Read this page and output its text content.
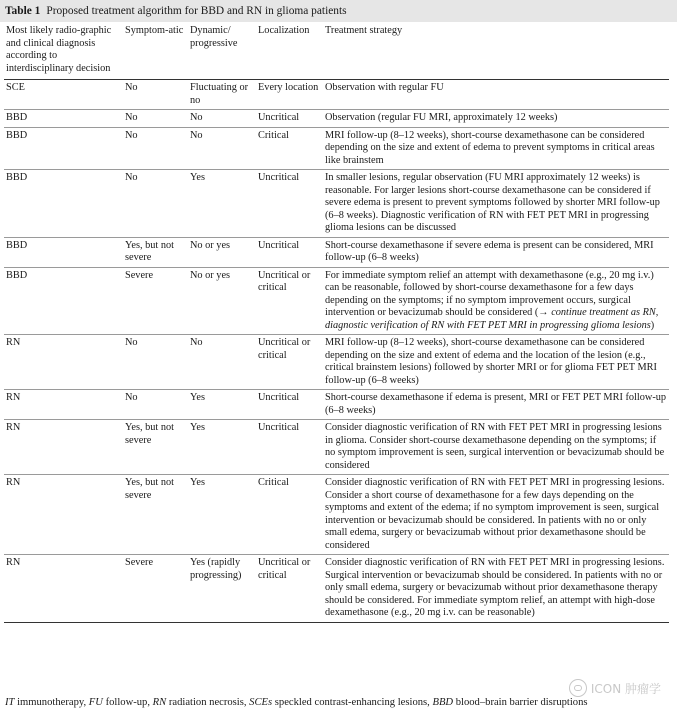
Table 1 Proposed treatment algorithm for BBD and RN in glioma patients
Most likely radio-graphic and clinical diagnosis according to interdisciplinary decision	Symptom-atic	Dynamic/ progressive	Localization	Treatment strategy
SCE	No	Fluctuating or no	Every location	Observation with regular FU
BBD	No	No	Uncritical	Observation (regular FU MRI, approximately 12 weeks)
BBD	No	No	Critical	MRI follow-up (8–12 weeks), short-course dexamethasone can be considered depending on the size and extent of edema to prevent symptoms in critical areas like brainstem
BBD	No	Yes	Uncritical	In smaller lesions, regular observation (FU MRI approximately 12 weeks) is reasonable. For larger lesions short-course dexamethasone can be considered if severe edema is present to prevent symptoms followed by shorter MRI follow-up (6–8 weeks). Diagnostic verification of RN with FET PET MRI in progressing glioma lesions can be discussed
BBD	Yes, but not severe	No or yes	Uncritical	Short-course dexamethasone if severe edema is present can be considered, MRI follow-up (6–8 weeks)
BBD	Severe	No or yes	Uncritical or critical	For immediate symptom relief an attempt with dexamethasone (e.g., 20 mg i.v.) can be reasonable, followed by short-course dexamethasone for a few days depending on the symptoms; if no symptom improvement occurs, surgical intervention or bevacizumab should be considered (→ continue treatment as RN, diagnostic verification of RN with FET PET MRI in progressing glioma lesions)
RN	No	No	Uncritical or critical	MRI follow-up (8–12 weeks), short-course dexamethasone can be considered depending on the size and extent of edema and the location of the lesion (e.g., critical brainstem lesions) followed by shorter MRI or for glioma FET PET MRI follow-up (6–8 weeks)
RN	No	Yes	Uncritical	Short-course dexamethasone if edema is present, MRI or FET PET MRI follow-up (6–8 weeks)
RN	Yes, but not severe	Yes	Uncritical	Consider diagnostic verification of RN with FET PET MRI in progressing lesions in glioma. Consider short-course dexamethasone depending on the symptoms; if no symptom improvement is seen, surgical intervention or bevacizumab should be considered
RN	Yes, but not severe	Yes	Critical	Consider diagnostic verification of RN with FET PET MRI in progressing lesions. Consider a short course of dexamethasone for a few days depending on the symptoms and extent of the edema; if no symptom improvement is seen, surgical intervention or bevacizumab should be considered. In patients with no or only small edema, surgery or bevacizumab without prior dexamethasone should be considered
RN	Severe	Yes (rapidly progressing)	Uncritical or critical	Consider diagnostic verification of RN with FET PET MRI in progressing lesions. Surgical intervention or bevacizumab should be considered. In patients with no or only small edema, surgery or bevacizumab without prior dexamethasone therapy should be considered. For immediate symptom relief, an attempt with high-dose dexamethasone (e.g., 20 mg i.v. can be reasonable)
IT immunotherapy, FU follow-up, RN radiation necrosis, SCEs speckled contrast-enhancing lesions, BBD blood–brain barrier disruptions
ICON 肿瘤学
